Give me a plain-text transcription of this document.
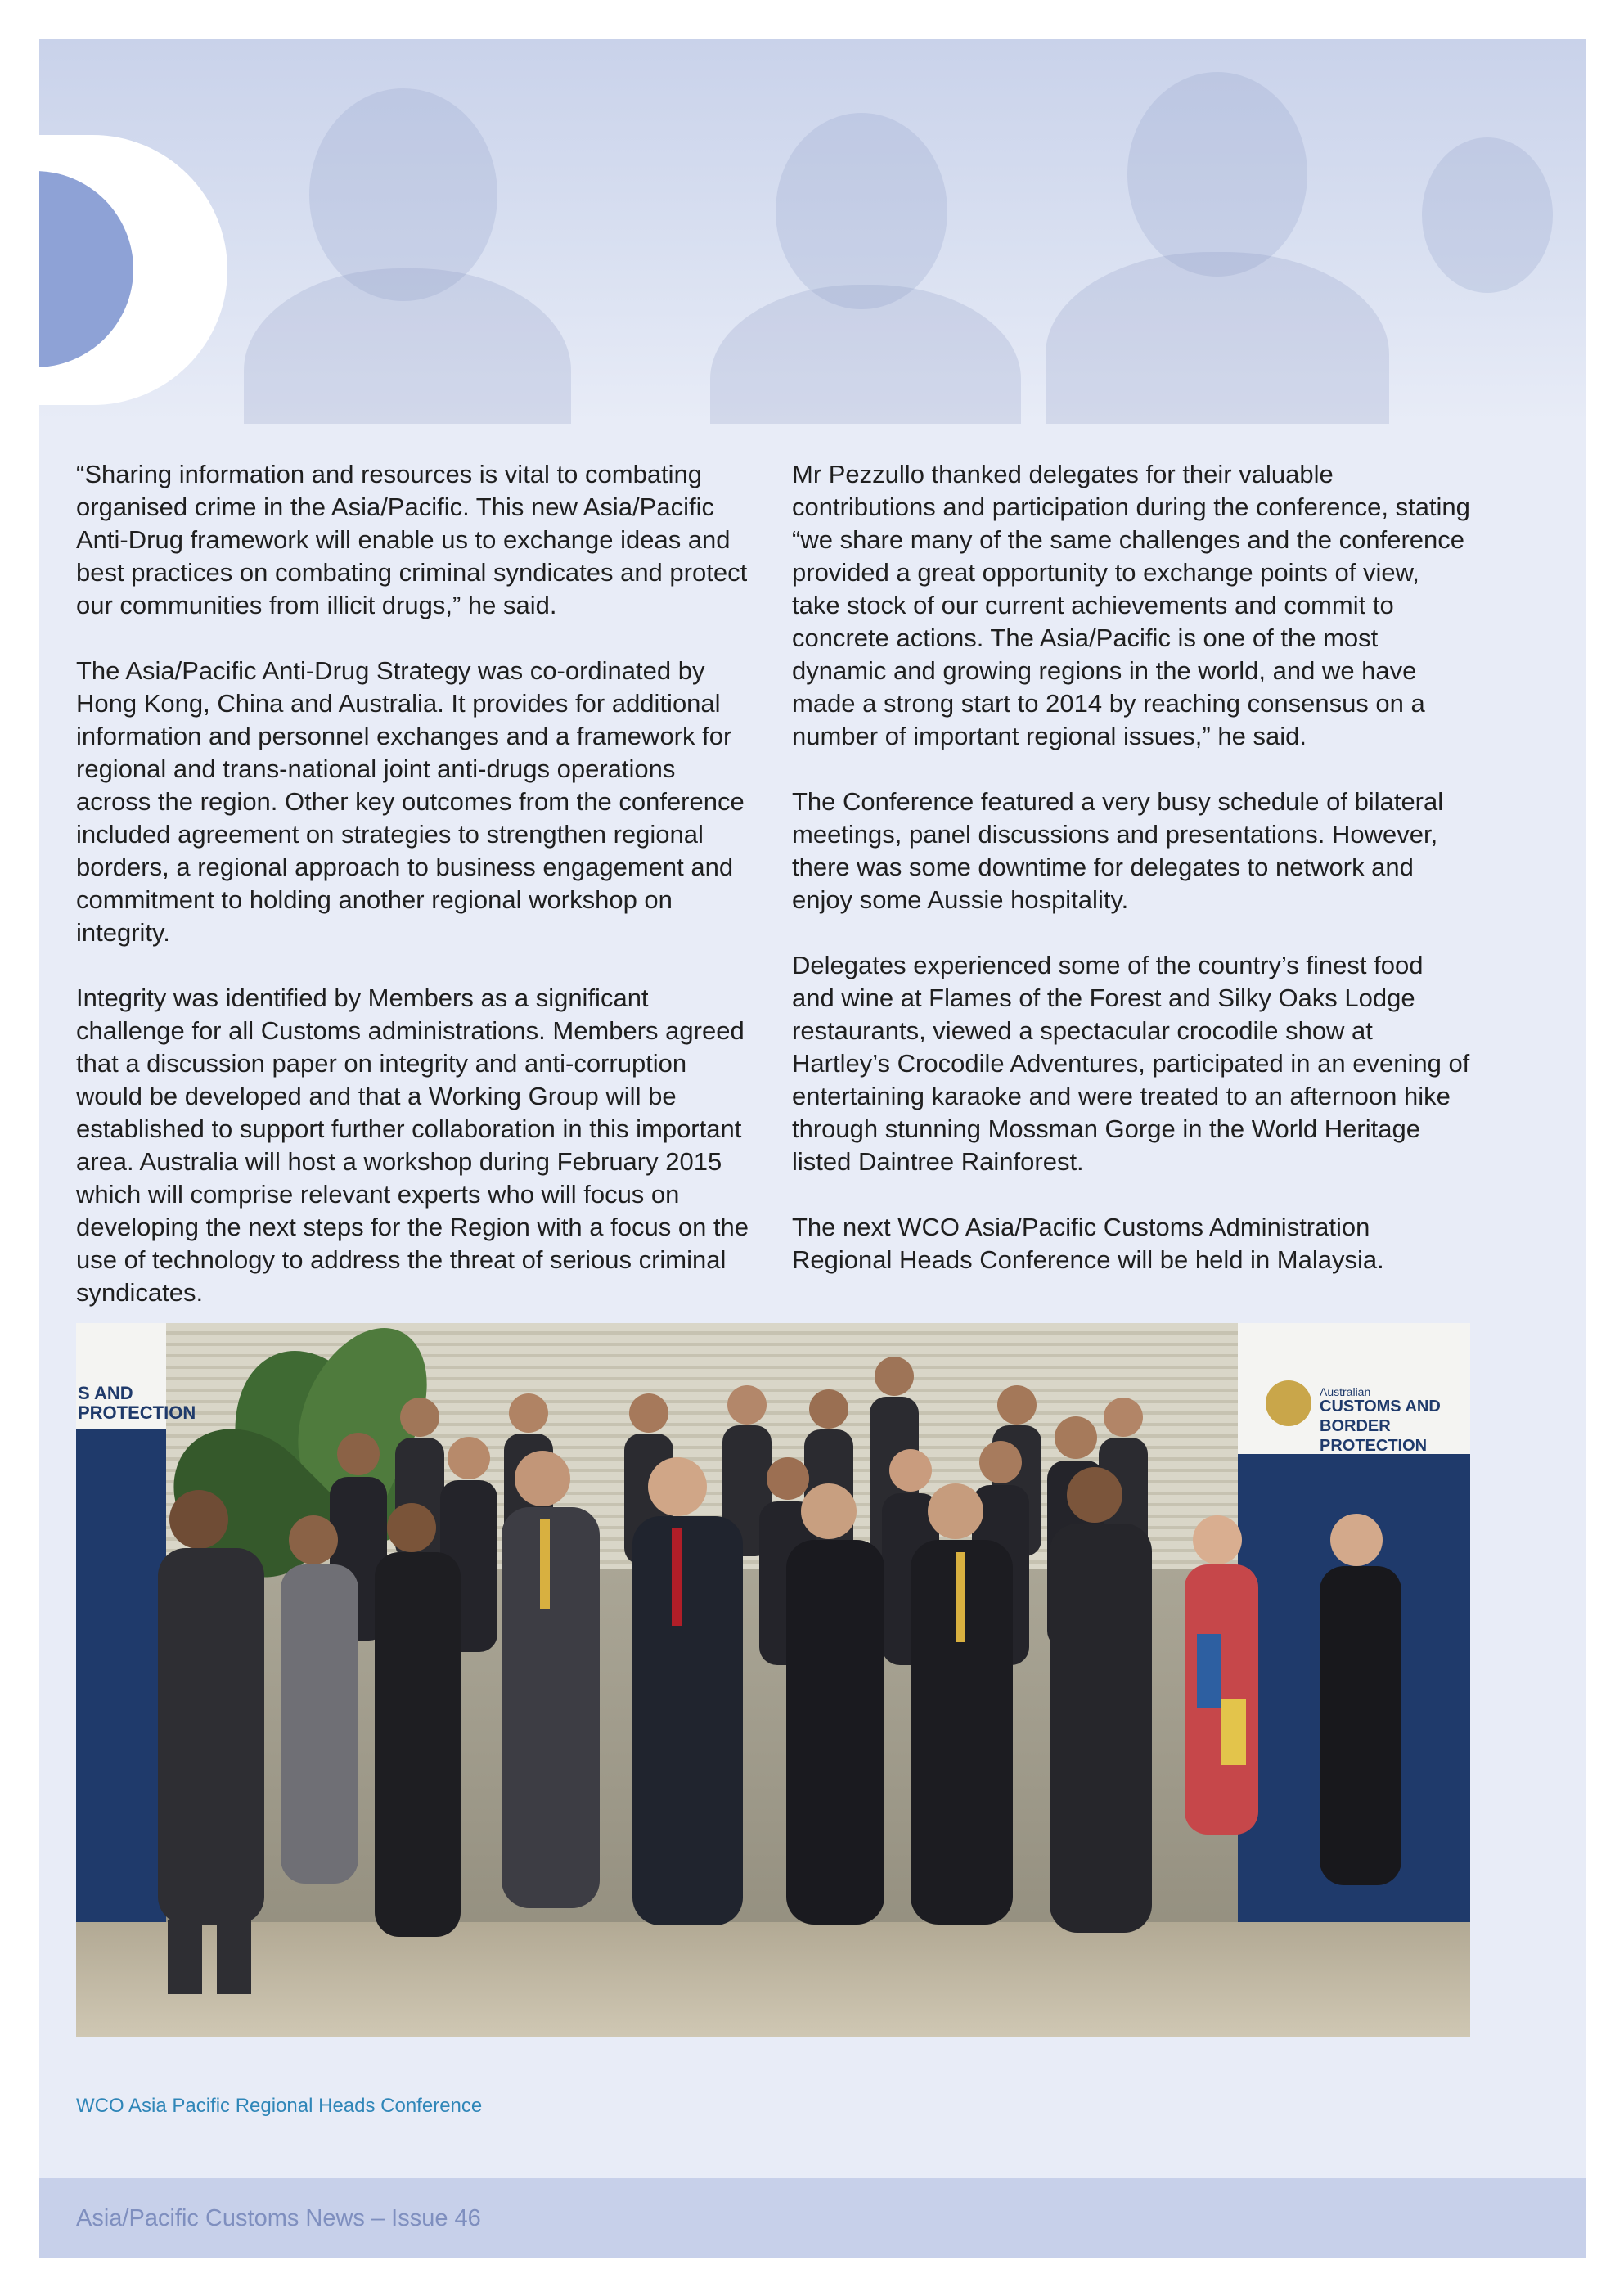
4

“Sharing information and resources is vital to combating organised crime in the Asia/Pacific. This new Asia/Pacific Anti-Drug framework will enable us to exchange ideas and best practices on combating criminal syndicates and protect our communities from illicit drugs,” he said.

The Asia/Pacific Anti-Drug Strategy was co-ordinated by Hong Kong, China and Australia. It provides for additional information and personnel exchanges and a framework for regional and trans-national joint anti-drugs operations across the region. Other key outcomes from the conference included agreement on strategies to strengthen regional borders, a regional approach to business engagement and commitment to holding another regional workshop on integrity.

Integrity was identified by Members as a significant challenge for all Customs administrations. Members agreed that a discussion paper on integrity and anti-corruption would be developed and that a Working Group will be established to support further collaboration in this important area. Australia will host a workshop during February 2015 which will comprise relevant experts who will focus on developing the next steps for the Region with a focus on the use of technology to address the threat of serious criminal syndicates.

Mr Pezzullo thanked delegates for their valuable contributions and participation during the conference, stating “we share many of the same challenges and the conference provided a great opportunity to exchange points of view, take stock of our current achievements and commit to concrete actions. The Asia/Pacific is one of the most dynamic and growing regions in the world, and we have made a strong start to 2014 by reaching consensus on a number of important regional issues,” he said.

The Conference featured a very busy schedule of bilateral meetings, panel discussions and presentations. However, there was some downtime for delegates to network and enjoy some Aussie hospitality.

Delegates experienced some of the country’s finest food and wine at Flames of the Forest and Silky Oaks Lodge restaurants, viewed a spectacular crocodile show at Hartley’s Crocodile Adventures, participated in an evening of entertaining karaoke and were treated to an afternoon hike through stunning Mossman Gorge in the World Heritage listed Daintree Rainforest.

The next WCO Asia/Pacific Customs Administration Regional Heads Conference will be held in Malaysia.

S AND
PROTECTION
Australian
CUSTOMS AND
BORDER PROTECTION
WCO Asia Pacific Regional Heads Conference
Asia/Pacific Customs News – Issue 46
